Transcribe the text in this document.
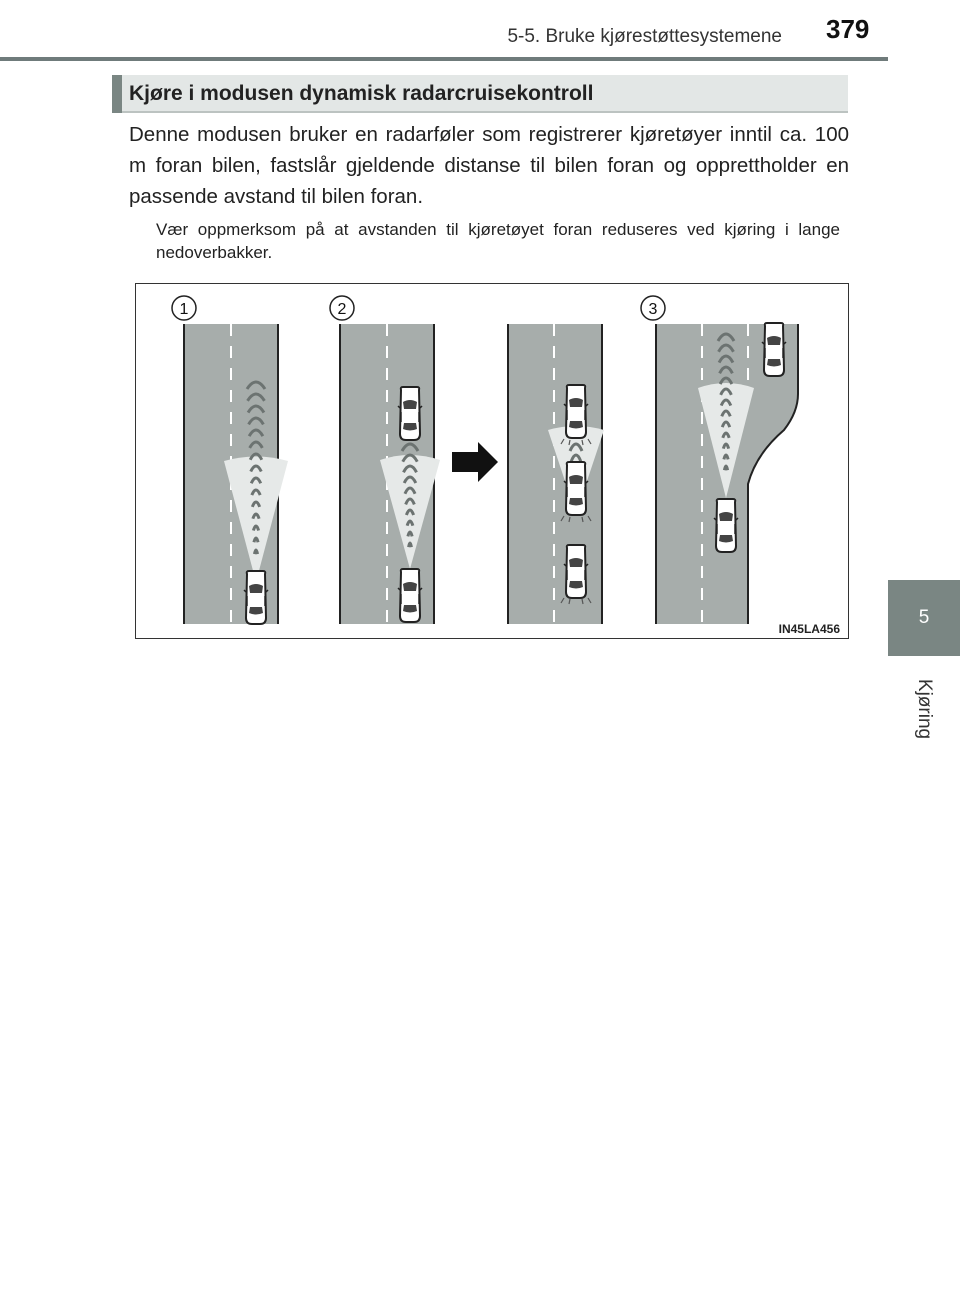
5-5. Bruke kjørestøttesystemene 379
5
Kjøring
Kjøre i modusen dynamisk radarcruisekontroll
Denne modusen bruker en radarføler som registrerer kjøretøyer inntil ca. 100 m foran bilen, fastslår gjeldende distanse til bilen foran og opprettholder en passende avstand til bilen foran.
Vær oppmerksom på at avstanden til kjøretøyet foran reduseres ved kjøring i lange nedoverbakker.
1	2	3
IN45LA456
